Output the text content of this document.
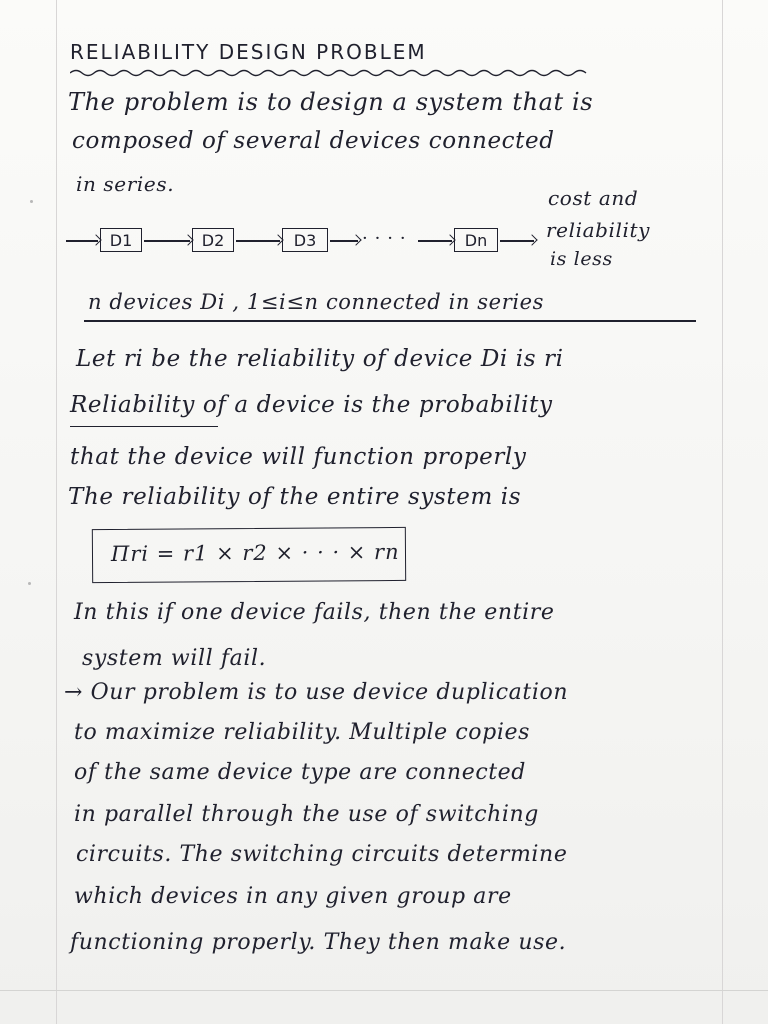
RELIABILITY DESIGN PROBLEM
The problem is to design a system that is
composed of several devices connected
in series.
D1	D2	D3	· · · ·	Dn
cost and
reliability
is less
n devices Di , 1≤i≤n connected in series
Let ri be the reliability of device Di is ri
Reliability of a device is the probability
that the device will function properly
The reliability of the entire system is
Πri = r1 × r2 × · · · × rn
In this if one device fails, then the entire
system will fail.
→ Our problem is to use device duplication
to maximize reliability. Multiple copies
of the same device type are connected
in parallel through the use of switching
circuits. The switching circuits determine
which devices in any given group are
functioning properly. They then make use.
